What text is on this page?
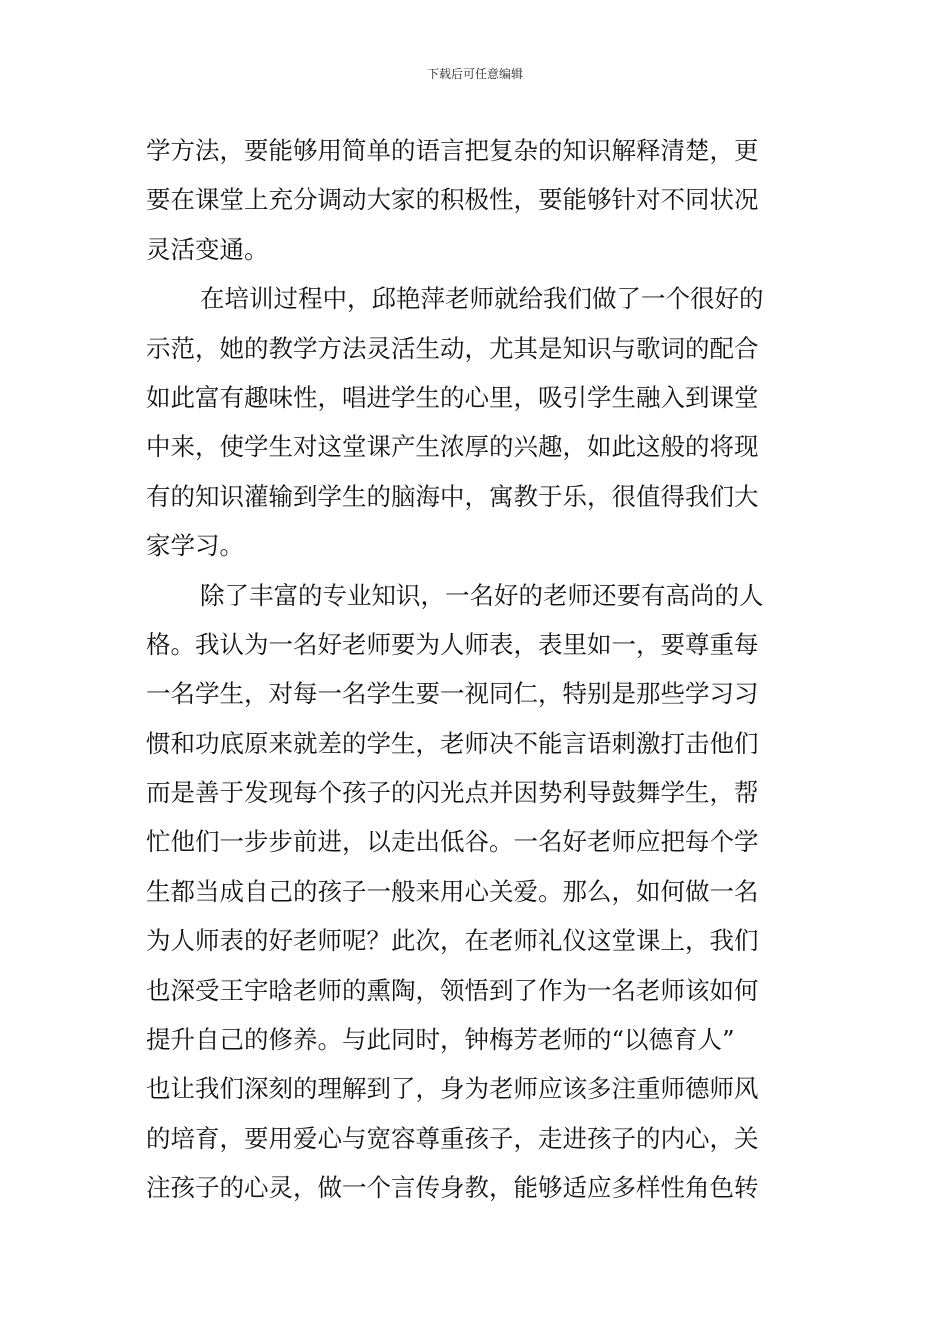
下载后可任意编辑
学方法，要能够用简单的语言把复杂的知识解释清楚，更
要在课堂上充分调动大家的积极性，要能够针对不同状况
灵活变通。
在培训过程中，邱艳萍老师就给我们做了一个很好的
示范，她的教学方法灵活生动，尤其是知识与歌词的配合
如此富有趣味性，唱进学生的心里，吸引学生融入到课堂
中来，使学生对这堂课产生浓厚的兴趣，如此这般的将现
有的知识灌输到学生的脑海中，寓教于乐，很值得我们大
家学习。
除了丰富的专业知识，一名好的老师还要有高尚的人
格。我认为一名好老师要为人师表，表里如一，要尊重每
一名学生，对每一名学生要一视同仁，特别是那些学习习
惯和功底原来就差的学生，老师决不能言语刺激打击他们
而是善于发现每个孩子的闪光点并因势利导鼓舞学生，帮
忙他们一步步前进，以走出低谷。一名好老师应把每个学
生都当成自己的孩子一般来用心关爱。那么，如何做一名
为人师表的好老师呢？此次，在老师礼仪这堂课上，我们
也深受王宇晗老师的熏陶，领悟到了作为一名老师该如何
提升自己的修养。与此同时，钟梅芳老师的“以德育人”
也让我们深刻的理解到了，身为老师应该多注重师德师风
的培育，要用爱心与宽容尊重孩子，走进孩子的内心，关
注孩子的心灵，做一个言传身教，能够适应多样性角色转
